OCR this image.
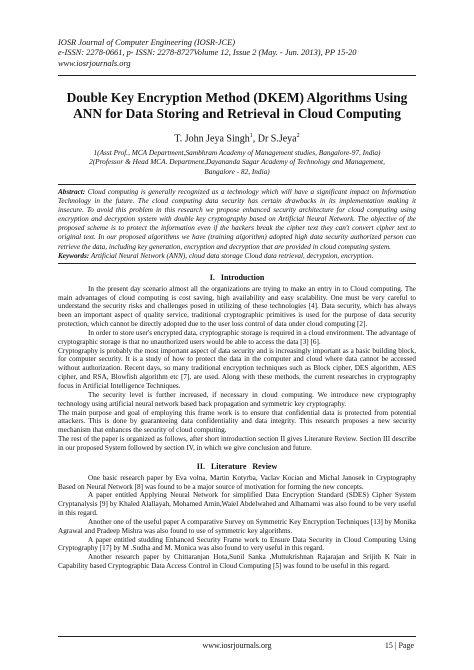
IOSR Journal of Computer Engineering (IOSR-JCE)
e-ISSN: 2278-0661, p- ISSN: 2278-8727Volume 12, Issue 2 (May. - Jun. 2013), PP 15-20
www.iosrjournals.org
Double Key Encryption Method (DKEM) Algorithms Using ANN for Data Storing and Retrieval in Cloud Computing
T. John Jeya Singh$^1$, Dr S.Jeya$^2$
1(Asst Prof., MCA Department,Sambhram Academy of Management studies, Bangalore-97, India)
2(Professor & Head MCA. Department,Dayananda Sagar Academy of Technology and Management,
Bangalore - 82, India)
Abstract: Cloud computing is generally recognized as a technology which will have a significant impact on Information Technology in the future. The cloud computing data security has certain drawbacks in its implementation making it insecure. To avoid this problem in this research we propose enhanced security architecture for cloud computing using encryption and decryption system with double key cryptography based on Artificial Neural Network. The objective of the proposed scheme is to protect the information even if the hackers break the cipher text they can't convert cipher text to original text. In our proposed algorithms we have (training algorithm) adopted high data security authorized person can retrieve the data, including key generation, encryption and decryption that are provided in cloud computing system.
Keywords: Artificial Neural Network (ANN), cloud data storage Cloud data retrieval, decryption, encryption.
I. Introduction

In the present day scenario almost all the organizations are trying to make an entry in to Cloud computing. The main advantages of cloud computing is cost saving, high availability and easy scalability. One must be very careful to understand the security risks and challenges posed in utilizing of these technologies [4]. Data security, which has always been an important aspect of quality service, traditional cryptographic primitives is used for the purpose of data security protection, which cannot be directly adopted due to the user loss control of data under cloud computing [2].

In order to store user's encrypted data, cryptographic storage is required in a cloud environment. The advantage of cryptographic storage is that no unauthorized users would be able to access the data [3] [6].

Cryptography is probably the most important aspect of data security and is increasingly important as a basic building block, for computer security. It is a study of how to protect the data in the computer and cloud where data cannot be accessed without authorization. Recent days, so many traditional encryption techniques such as Block cipher, DES algorithm, AES cipher, and RSA, Blowfish algorithm etc [7], are used. Along with these methods, the current researches in cryptography focus in Artificial Intelligence Techniques.

The security level is further increased, if necessary in cloud computing. We introduce new cryptography technology using artificial neural network based back propagation and symmetric key cryptography.

The main purpose and goal of employing this frame work is to ensure that confidential data is protected from potential attackers. This is done by guaranteeing data confidentiality and data integrity. This research proposes a new security mechanism that enhances the security of cloud computing.

The rest of the paper is organized as follows, after short introduction section II gives Literature Review. Section III describe in our proposed System followed by section IV, in which we give conclusion and future.

II. Literature Review

One basic research paper by Eva volna, Martin Kotyrba, Vaclav Kocian and Michal Janosek in Cryptography Based on Neural Network [8] was found to be a major source of motivation for forming the new concepts.

A paper entitled Applying Neural Network for simplified Data Encryption Standard (SDES) Cipher System Cryptanalysis [9] by Khaled Alallayah, Mohamed Amin,Waiel Abdelwahed and Alhamami was also found to be very useful in this regard.

Another one of the useful paper A comparative Survey on Symmetric Key Encryption Techniques [13] by Monika Agrawal and Pradeep Mishra was also found to use of symmetric key algorithms.

A paper entitled studding Enhanced Security Frame work to Ensure Data Security in Cloud Computing Using Cryptography [17] by M .Sudha and M. Monica was also found to very useful in this regard.

Another research paper by Chittaranjan Hota,Sunil Sanka ,Muttukrishnan Rajarajan and Srijith K Nair in Capability based Cryptographic Data Access Control in Cloud Computing [5] was found to be useful in this regard.

www.iosrjournals.org	15 | Page
